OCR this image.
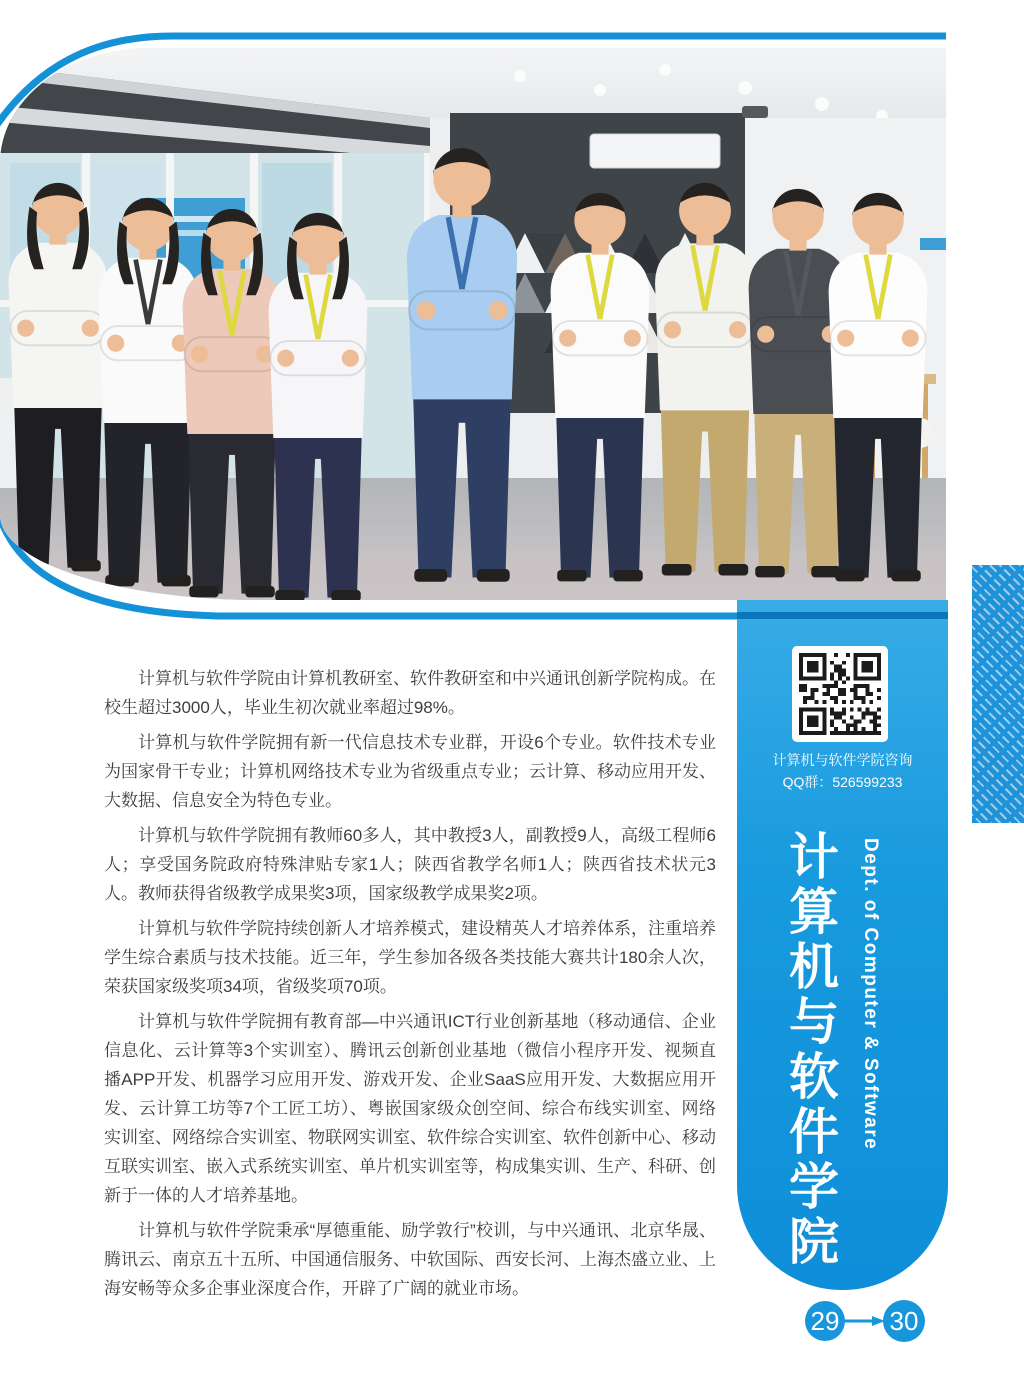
计算机与软件学院由计算机教研室、软件教研室和中兴通讯创新学院构成。在校生超过3000人，毕业生初次就业率超过98%。

计算机与软件学院拥有新一代信息技术专业群，开设6个专业。软件技术专业为国家骨干专业；计算机网络技术专业为省级重点专业；云计算、移动应用开发、大数据、信息安全为特色专业。

计算机与软件学院拥有教师60多人，其中教授3人，副教授9人，高级工程师6人；享受国务院政府特殊津贴专家1人；陕西省教学名师1人；陕西省技术状元3人。教师获得省级教学成果奖3项，国家级教学成果奖2项。

计算机与软件学院持续创新人才培养模式，建设精英人才培养体系，注重培养学生综合素质与技术技能。近三年，学生参加各级各类技能大赛共计180余人次，荣获国家级奖项34项，省级奖项70项。

计算机与软件学院拥有教育部—中兴通讯ICT行业创新基地（移动通信、企业信息化、云计算等3个实训室）、腾讯云创新创业基地（微信小程序开发、视频直播APP开发、机器学习应用开发、游戏开发、企业SaaS应用开发、大数据应用开发、云计算工坊等7个工匠工坊）、粤嵌国家级众创空间、综合布线实训室、网络实训室、网络综合实训室、物联网实训室、软件综合实训室、软件创新中心、移动互联实训室、嵌入式系统实训室、单片机实训室等，构成集实训、生产、科研、创新于一体的人才培养基地。

计算机与软件学院秉承“厚德重能、励学敦行”校训，与中兴通讯、北京华晟、腾讯云、南京五十五所、中国通信服务、中软国际、西安长河、上海杰盛立业、上海安畅等众多企事业深度合作，开辟了广阔的就业市场。

计算机与软件学院咨询
QQ群：526599233
计算机与软件学院 Dept. of Computer & Software
29 30
